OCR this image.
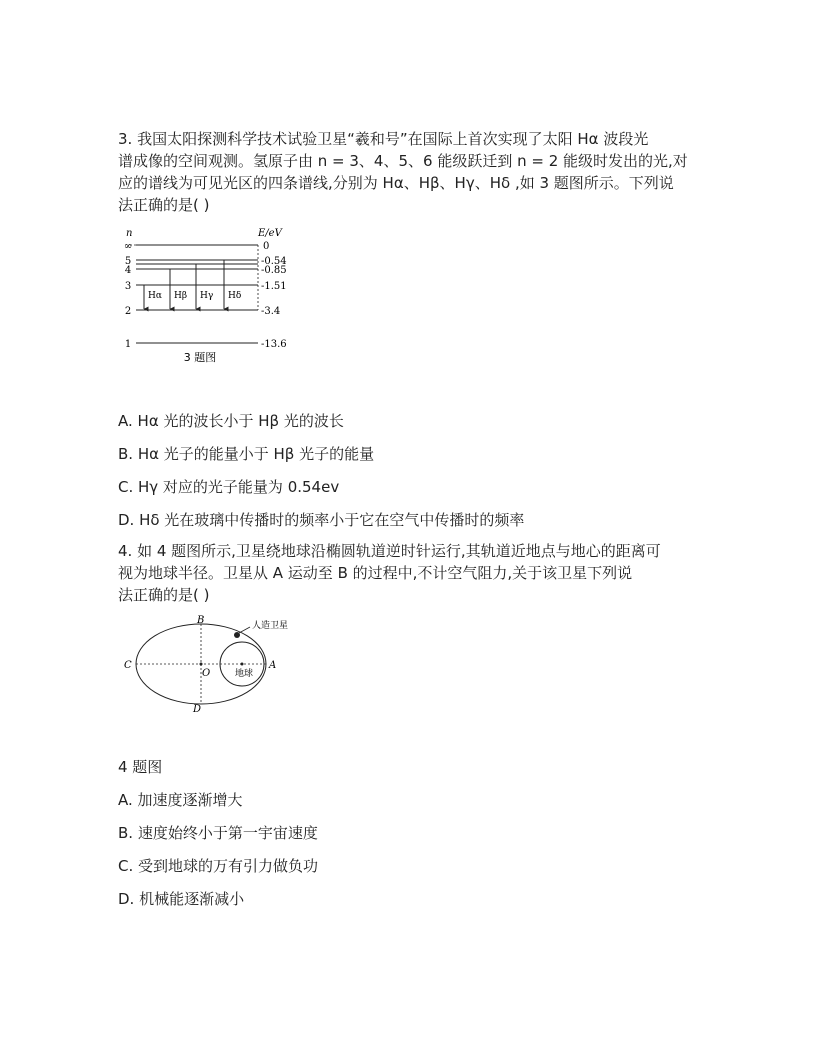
3. 我国太阳探测科学技术试验卫星“羲和号”在国际上首次实现了太阳 Hα 波段光
谱成像的空间观测。氢原子由 n = 3、4、5、6 能级跃迁到 n = 2 能级时发出的光,对
应的谱线为可见光区的四条谱线,分别为 Hα、Hβ、Hγ、Hδ ,如 3 题图所示。下列说
法正确的是( )
n	E/eV
∞
5
4
3
2
1
0
-0.54
-0.85
-1.51
-3.4
-13.6
Hα Hβ Hγ Hδ
3 题图
A. Hα 光的波长小于 Hβ 光的波长
B. Hα 光子的能量小于 Hβ 光子的能量
C. Hγ 对应的光子能量为 0.54ev
D. Hδ 光在玻璃中传播时的频率小于它在空气中传播时的频率
4. 如 4 题图所示,卫星绕地球沿椭圆轨道逆时针运行,其轨道近地点与地心的距离可
视为地球半径。卫星从 A 运动至 B 的过程中,不计空气阻力,关于该卫星下列说
法正确的是( )
B
C	A
D
O	地球
人造卫星
4 题图
A. 加速度逐渐增大
B. 速度始终小于第一宇宙速度
C. 受到地球的万有引力做负功
D. 机械能逐渐减小
